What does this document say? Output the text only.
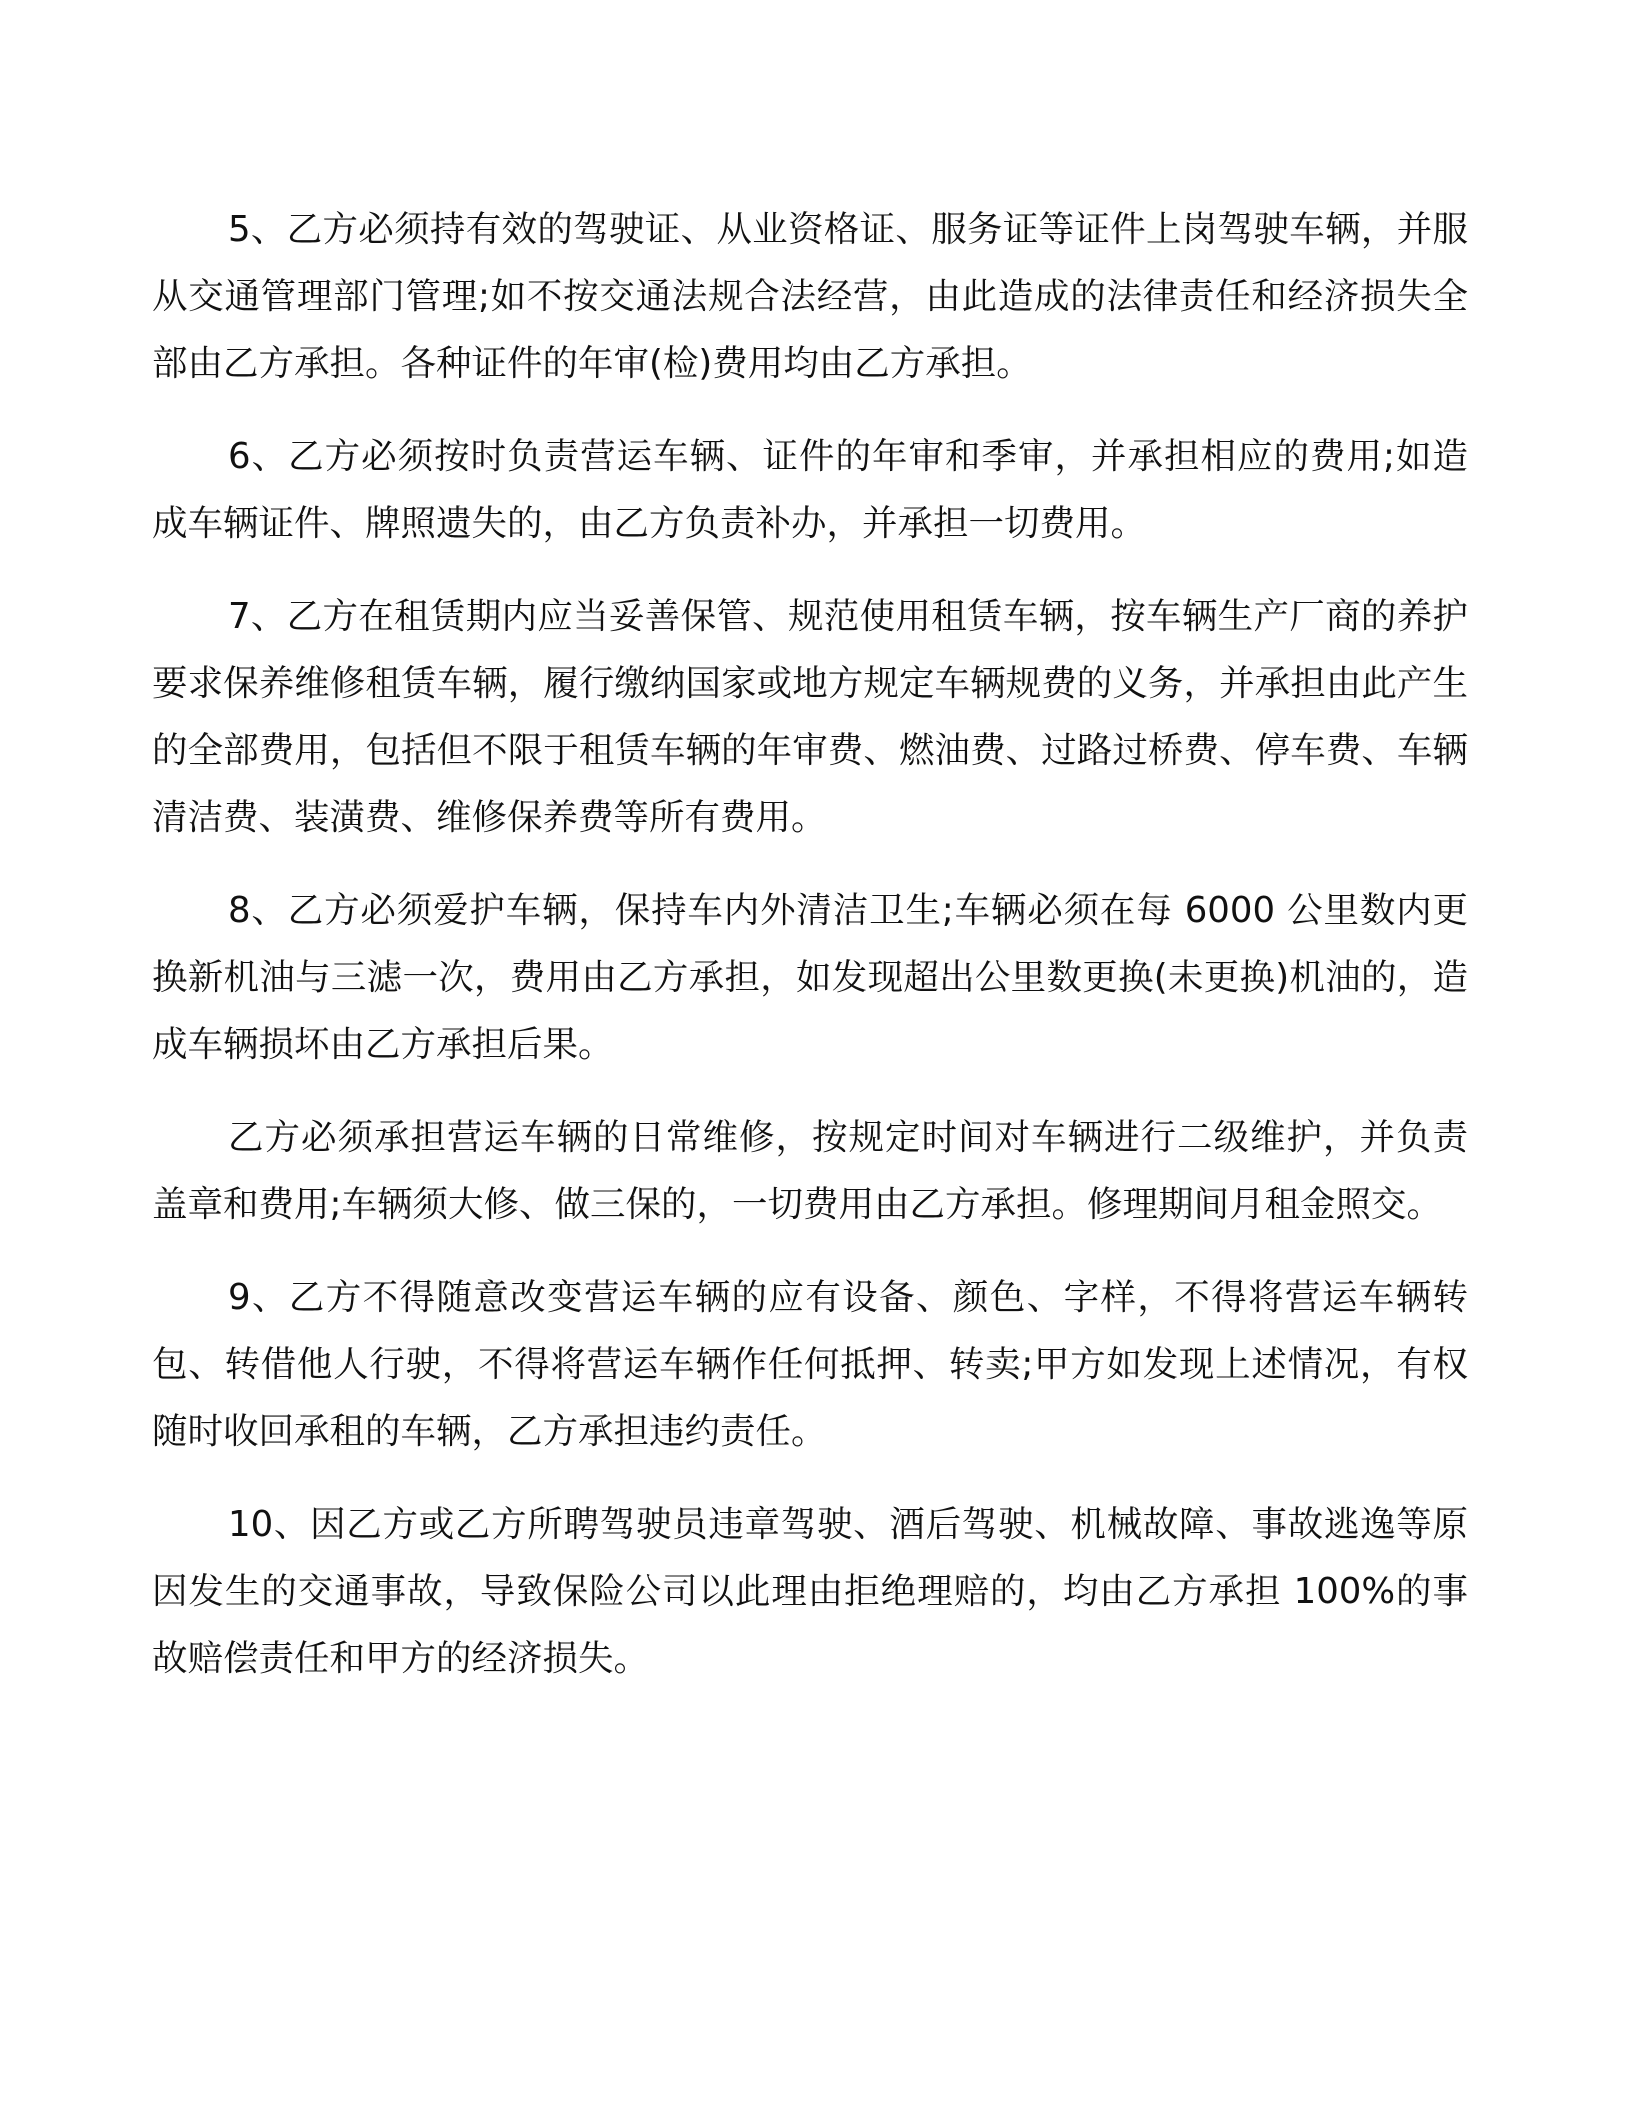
5、乙方必须持有效的驾驶证、从业资格证、服务证等证件上岗驾驶车辆，并服从交通管理部门管理;如不按交通法规合法经营，由此造成的法律责任和经济损失全部由乙方承担。各种证件的年审(检)费用均由乙方承担。

6、乙方必须按时负责营运车辆、证件的年审和季审，并承担相应的费用;如造成车辆证件、牌照遗失的，由乙方负责补办，并承担一切费用。

7、乙方在租赁期内应当妥善保管、规范使用租赁车辆，按车辆生产厂商的养护要求保养维修租赁车辆，履行缴纳国家或地方规定车辆规费的义务，并承担由此产生的全部费用，包括但不限于租赁车辆的年审费、燃油费、过路过桥费、停车费、车辆清洁费、装潢费、维修保养费等所有费用。

8、乙方必须爱护车辆，保持车内外清洁卫生;车辆必须在每 6000 公里数内更换新机油与三滤一次，费用由乙方承担，如发现超出公里数更换(未更换)机油的，造成车辆损坏由乙方承担后果。

乙方必须承担营运车辆的日常维修，按规定时间对车辆进行二级维护，并负责盖章和费用;车辆须大修、做三保的，一切费用由乙方承担。修理期间月租金照交。

9、乙方不得随意改变营运车辆的应有设备、颜色、字样，不得将营运车辆转包、转借他人行驶，不得将营运车辆作任何抵押、转卖;甲方如发现上述情况，有权随时收回承租的车辆，乙方承担违约责任。

10、因乙方或乙方所聘驾驶员违章驾驶、酒后驾驶、机械故障、事故逃逸等原因发生的交通事故，导致保险公司以此理由拒绝理赔的，均由乙方承担 100%的事故赔偿责任和甲方的经济损失。
